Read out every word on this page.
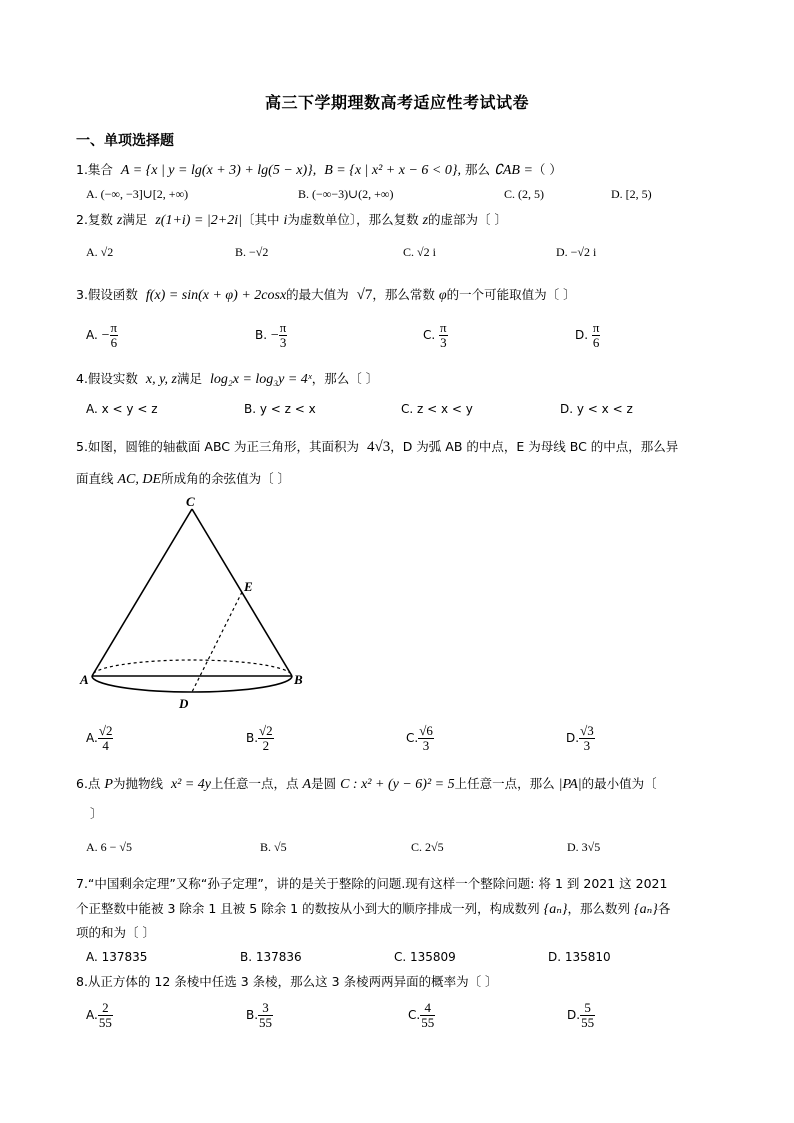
高三下学期理数高考适应性考试试卷
一、单项选择题
1.集合 A = {x | y = lg(x + 3) + lg(5 − x)}, B = {x | x² + x − 6 < 0}, 那么 ∁AB =（ ）
A. (−∞, −3]∪[2, +∞)	B. (−∞−3)∪(2, +∞)	C. (2, 5)	D. [2, 5)
2.复数 z满足 z(1+i) = |2+2i|〔其中 i为虚数单位〕，那么复数 z的虚部为〔 〕
A. √2	B. −√2	C. √2 i	D. −√2 i
3.假设函数 f(x) = sin(x + φ) + 2cosx的最大值为 √7，那么常数 φ的一个可能取值为〔 〕
A. − $\frac{\pi}{6}$	B. − $\frac{\pi}{3}$	C. $\frac{\pi}{3}$	D. $\frac{\pi}{6}$
4.假设实数 x, y, z满足 log₂x = log₃y = 4ˣ，那么〔 〕
A. x < y < z	B. y < z < x	C. z < x < y	D. y < x < z
5.如图，圆锥的轴截面 ABC 为正三角形，其面积为 4√3，D 为弧 AB 的中点，E 为母线 BC 的中点，那么异
面直线 AC, DE所成角的余弦值为〔 〕
C
E
A	B
D
A. $\frac{√2}{4}$	B. $\frac{√2}{2}$	C. $\frac{√6}{3}$	D. $\frac{√3}{3}$
6.点 P为抛物线 x² = 4y上任意一点，点 A是圆 C : x² + (y − 6)² = 5上任意一点，那么 |PA|的最小值为〔
〕
A. 6 − √5	B. √5	C. 2√5	D. 3√5
7.“中国剩余定理”又称“孙子定理”，讲的是关于整除的问题.现有这样一个整除问题: 将 1 到 2021 这 2021
个正整数中能被 3 除余 1 且被 5 除余 1 的数按从小到大的顺序排成一列，构成数列 {aₙ}，那么数列 {aₙ}各
项的和为〔 〕
A. 137835	B. 137836	C. 135809	D. 135810
8.从正方体的 12 条棱中任选 3 条棱，那么这 3 条棱两两异面的概率为〔 〕
A. $\frac{2}{55}$	B. $\frac{3}{55}$	C. $\frac{4}{55}$	D. $\frac{5}{55}$
